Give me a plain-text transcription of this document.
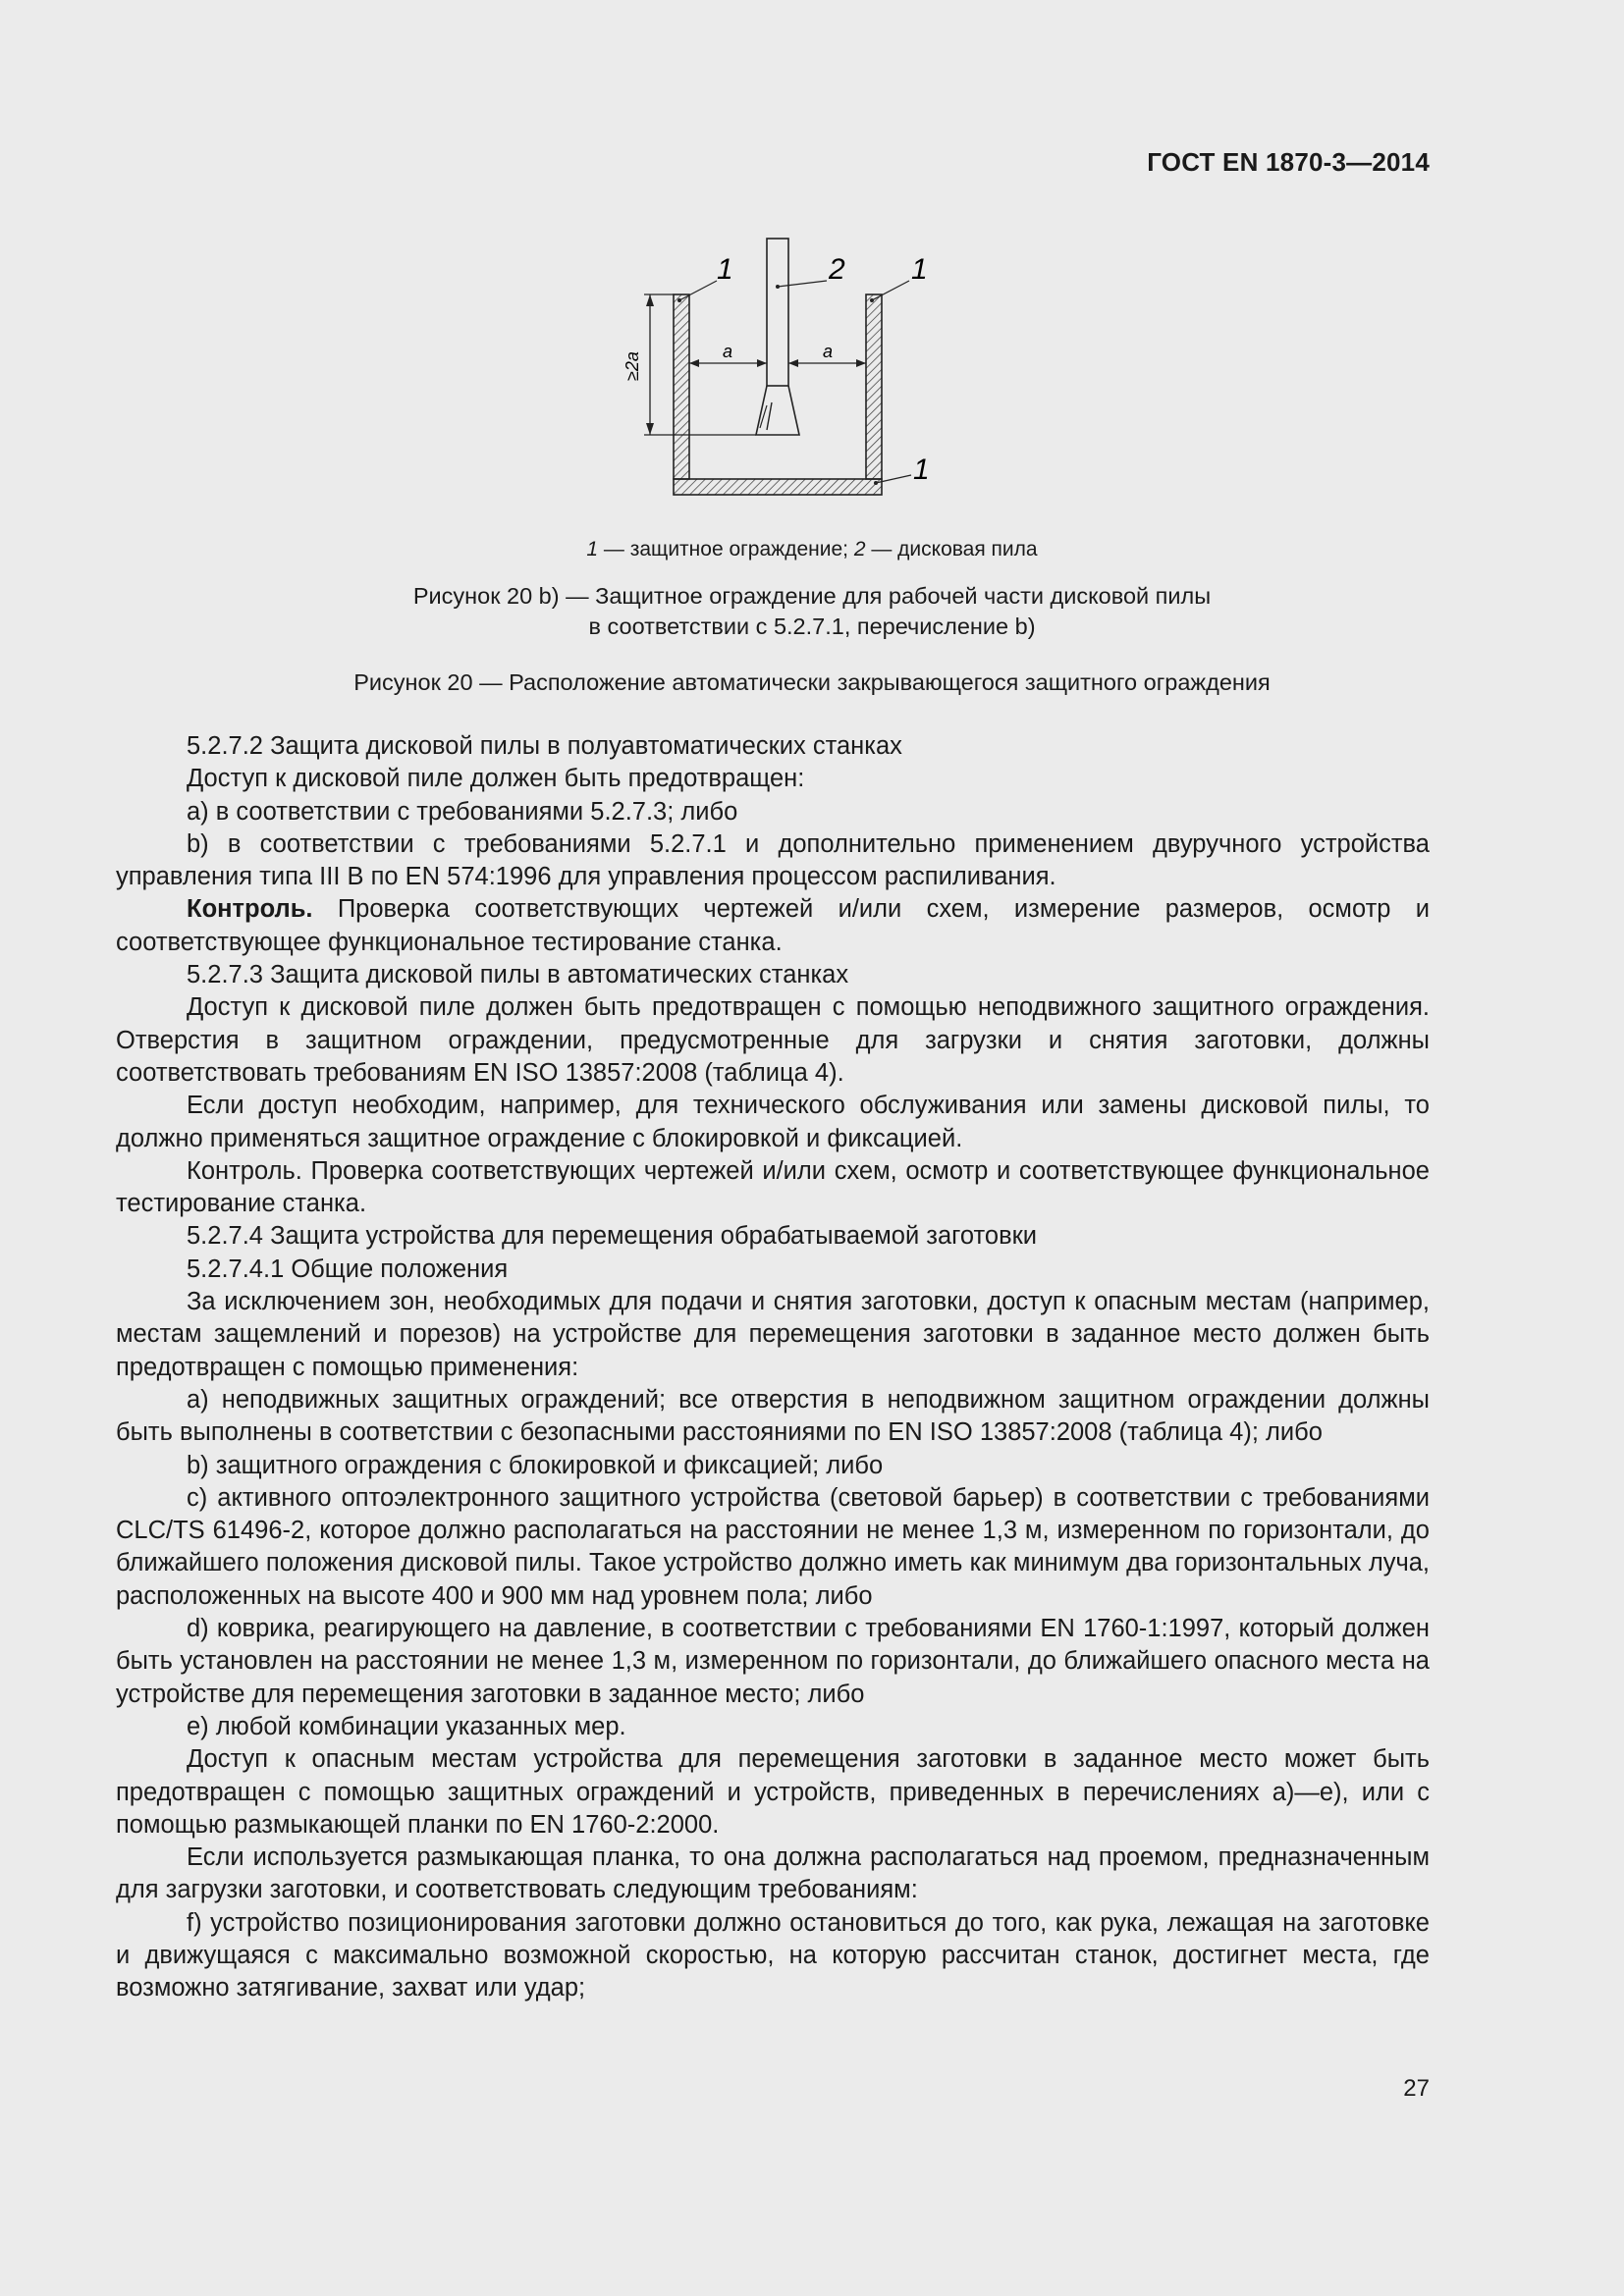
ГОСТ EN 1870-3—2014
≥2a
a	a
1	2 1
1
1 — защитное ограждение; 2 — дисковая пила
Рисунок 20 b) — Защитное ограждение для рабочей части дисковой пилы
в соответствии с 5.2.7.1, перечисление b)
Рисунок 20 — Расположение автоматически закрывающегося защитного ограждения

5.2.7.2 Защита дисковой пилы в полуавтоматических станках

Доступ к дисковой пиле должен быть предотвращен:

а) в соответствии с требованиями 5.2.7.3; либо

b) в соответствии с требованиями 5.2.7.1 и дополнительно применением двуручного устройства управления типа III В по EN 574:1996 для управления процессом распиливания.

Контроль. Проверка соответствующих чертежей и/или схем, измерение размеров, осмотр и соответствующее функциональное тестирование станка.

5.2.7.3 Защита дисковой пилы в автоматических станках

Доступ к дисковой пиле должен быть предотвращен с помощью неподвижного защитного ограждения. Отверстия в защитном ограждении, предусмотренные для загрузки и снятия заготовки, должны соответствовать требованиям EN ISO 13857:2008 (таблица 4).

Если доступ необходим, например, для технического обслуживания или замены дисковой пилы, то должно применяться защитное ограждение с блокировкой и фиксацией.

Контроль. Проверка соответствующих чертежей и/или схем, осмотр и соответствующее функциональное тестирование станка.

5.2.7.4 Защита устройства для перемещения обрабатываемой заготовки

5.2.7.4.1 Общие положения

За исключением зон, необходимых для подачи и снятия заготовки, доступ к опасным местам (например, местам защемлений и порезов) на устройстве для перемещения заготовки в заданное место должен быть предотвращен с помощью применения:

а) неподвижных защитных ограждений; все отверстия в неподвижном защитном ограждении должны быть выполнены в соответствии с безопасными расстояниями по EN ISO 13857:2008 (таблица 4); либо

b) защитного ограждения с блокировкой и фиксацией; либо

с) активного оптоэлектронного защитного устройства (световой барьер) в соответствии с требованиями CLC/TS 61496-2, которое должно располагаться на расстоянии не менее 1,3 м, измеренном по горизонтали, до ближайшего положения дисковой пилы. Такое устройство должно иметь как минимум два горизонтальных луча, расположенных на высоте 400 и 900 мм над уровнем пола; либо

d) коврика, реагирующего на давление, в соответствии с требованиями EN 1760-1:1997, который должен быть установлен на расстоянии не менее 1,3 м, измеренном по горизонтали, до ближайшего опасного места на устройстве для перемещения заготовки в заданное место; либо

е) любой комбинации указанных мер.

Доступ к опасным местам устройства для перемещения заготовки в заданное место может быть предотвращен с помощью защитных ограждений и устройств, приведенных в перечислениях а)—е), или с помощью размыкающей планки по EN 1760-2:2000.

Если используется размыкающая планка, то она должна располагаться над проемом, предназначенным для загрузки заготовки, и соответствовать следующим требованиям:

f) устройство позиционирования заготовки должно остановиться до того, как рука, лежащая на заготовке и движущаяся с максимально возможной скоростью, на которую рассчитан станок, достигнет места, где возможно затягивание, захват или удар;

27
